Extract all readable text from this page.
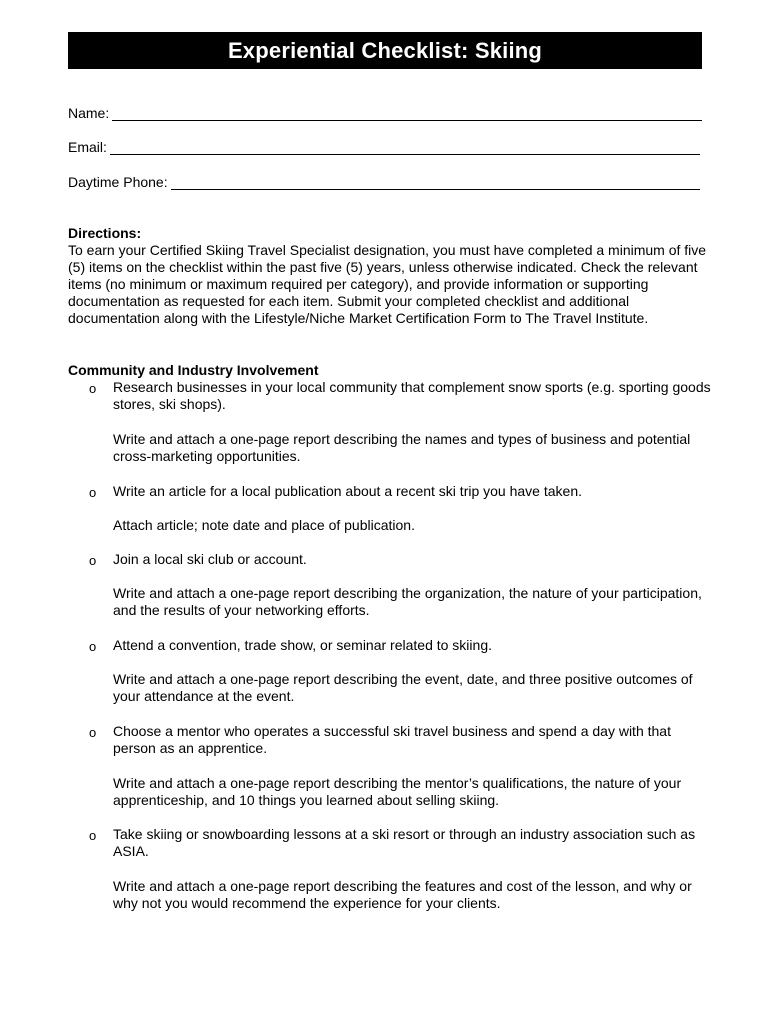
Experiential Checklist: Skiing
Name:
Email:
Daytime Phone:
Directions:

To earn your Certified Skiing Travel Specialist designation, you must have completed a minimum of five (5) items on the checklist within the past five (5) years, unless otherwise indicated. Check the relevant items (no minimum or maximum required per category), and provide information or supporting documentation as requested for each item. Submit your completed checklist and additional documentation along with the Lifestyle/Niche Market Certification Form to The Travel Institute.

Community and Industry Involvement
o Research businesses in your local community that complement snow sports (e.g. sporting goods stores, ski shops).

Write and attach a one-page report describing the names and types of business and potential cross-marketing opportunities.

o Write an article for a local publication about a recent ski trip you have taken.

Attach article; note date and place of publication.

o Join a local ski club or account.

Write and attach a one-page report describing the organization, the nature of your participation, and the results of your networking efforts.

o Attend a convention, trade show, or seminar related to skiing.

Write and attach a one-page report describing the event, date, and three positive outcomes of your attendance at the event.

o Choose a mentor who operates a successful ski travel business and spend a day with that person as an apprentice.

Write and attach a one-page report describing the mentor’s qualifications, the nature of your apprenticeship, and 10 things you learned about selling skiing.

o Take skiing or snowboarding lessons at a ski resort or through an industry association such as ASIA.

Write and attach a one-page report describing the features and cost of the lesson, and why or why not you would recommend the experience for your clients.
